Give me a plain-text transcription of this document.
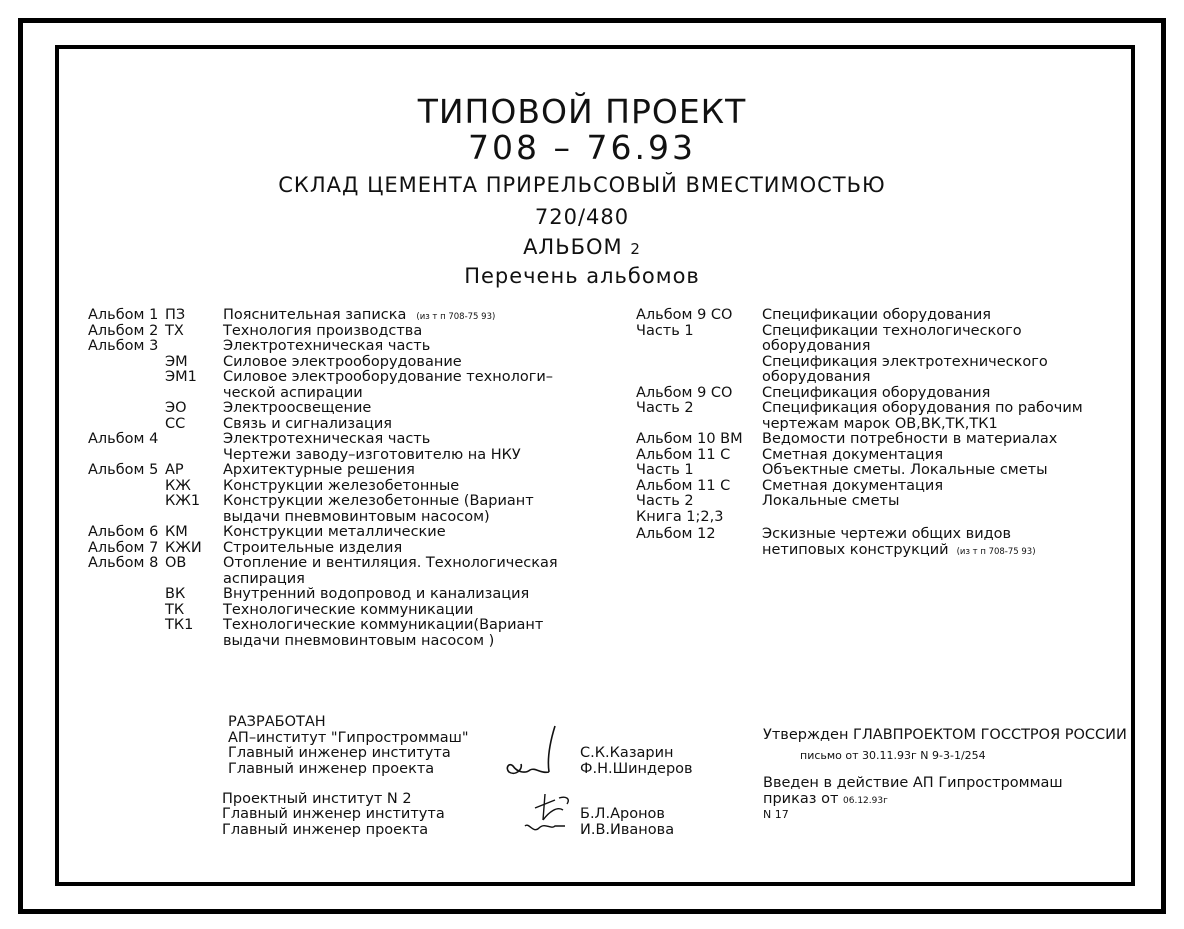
ТИПОВОЙ ПРОЕКТ
708 – 76.93
СКЛАД ЦЕМЕНТА ПРИРЕЛЬСОВЫЙ ВМЕСТИМОСТЬЮ
720/480
АЛЬБОМ 2
Перечень альбомов
Альбом 1 ПЗ	Пояснительная записка (из т п 708-75 93)
Альбом 2 ТХ	Технология производства
Альбом 3	Электротехническая часть
ЭМ Силовое электрооборудование
ЭМ1 Силовое электрооборудование технологи–
ческой аспирации
ЭО	Электроосвещение
СС	Связь и сигнализация
Альбом 4	Электротехническая часть
Чертежи заводу–изготовителю на НКУ
Альбом 5 АР	Архитектурные решения
КЖ Конструкции железобетонные
КЖ1 Конструкции железобетонные (Вариант
выдачи пневмовинтовым насосом)
Альбом 6 КМ Конструкции металлические
Альбом 7 КЖИ Строительные изделия
Альбом 8 ОВ	Отопление и вентиляция. Технологическая
аспирация
ВК	Внутренний водопровод и канализация
ТК	Технологические коммуникации
ТК1 Технологические коммуникации(Вариант
выдачи пневмовинтовым насосом )
Альбом 9 СО Спецификации оборудования
Часть 1	Спецификации технологического
оборудования
Спецификация электротехнического
оборудования
Альбом 9 СО Спецификация оборудования
Часть 2	Спецификация оборудования по рабочим
чертежам марок ОВ,ВК,ТК,ТК1
Альбом 10 ВМ Ведомости потребности в материалах
Альбом 11 С Сметная документация
Часть 1	Объектные сметы. Локальные сметы
Альбом 11 С Сметная документация
Часть 2	Локальные сметы
Книга 1;2,3
Альбом 12	Эскизные чертежи общих видов
нетиповых конструкций (из т п 708-75 93)
РАЗРАБОТАН
АП–институт "Гипростроммаш"
Главный инженер института
Главный инженер проекта
С.К.Казарин
Ф.Н.Шиндеров
Проектный институт N 2
Главный инженер института
Главный инженер проекта
Б.Л.Аронов
И.В.Иванова
Утвержден ГЛАВПРОЕКТОМ ГОССТРОЯ РОССИИ
письмо от 30.11.93г N 9-3-1/254
Введен в действие АП Гипростроммаш
приказ от 06.12.93г
N 17
